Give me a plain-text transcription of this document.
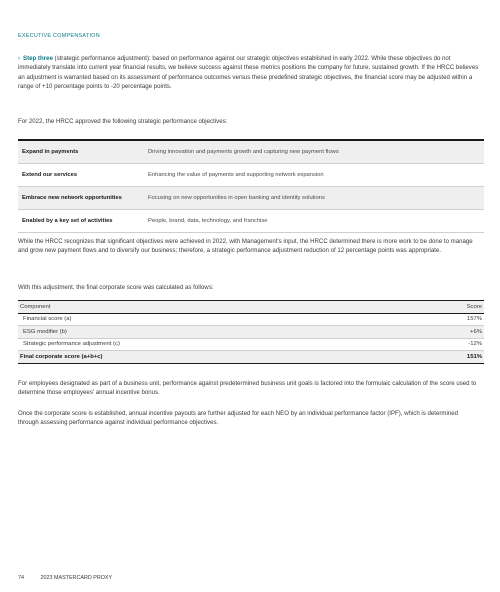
EXECUTIVE COMPENSATION
› Step three (strategic performance adjustment): based on performance against our strategic objectives established in early 2022. While these objectives do not immediately translate into current year financial results, we believe success against these metrics positions the company for future, sustained growth. If the HRCC believes an adjustment is warranted based on its assessment of performance outcomes versus these predefined strategic objectives, the financial score may be adjusted within a range of +10 percentage points to -20 percentage points.
For 2022, the HRCC approved the following strategic performance objectives:
Expand in payments	Driving innovation and payments growth and capturing new payment flows
Extend our services	Enhancing the value of payments and supporting network expansion
Embrace new network opportunities	Focusing on new opportunities in open banking and identity solutions
Enabled by a key set of activities	People, brand, data, technology, and franchise
While the HRCC recognizes that significant objectives were achieved in 2022, with Management's input, the HRCC determined there is more work to be done to manage and grow new payment flows and to diversify our business; therefore, a strategic performance adjustment reduction of 12 percentage points was appropriate.
With this adjustment, the final corporate score was calculated as follows:
Component	Score
Financial score (a)	157%
ESG modifier (b)	+6%
Strategic performance adjustment (c)	-12%
Final corporate score (a+b+c)	151%
For employees designated as part of a business unit, performance against predetermined business unit goals is factored into the formulaic calculation of the score used to determine those employees' annual incentive bonus.
Once the corporate score is established, annual incentive payouts are further adjusted for each NEO by an individual performance factor (IPF), which is determined through assessing performance against individual performance objectives.
74	2023 MASTERCARD PROXY
